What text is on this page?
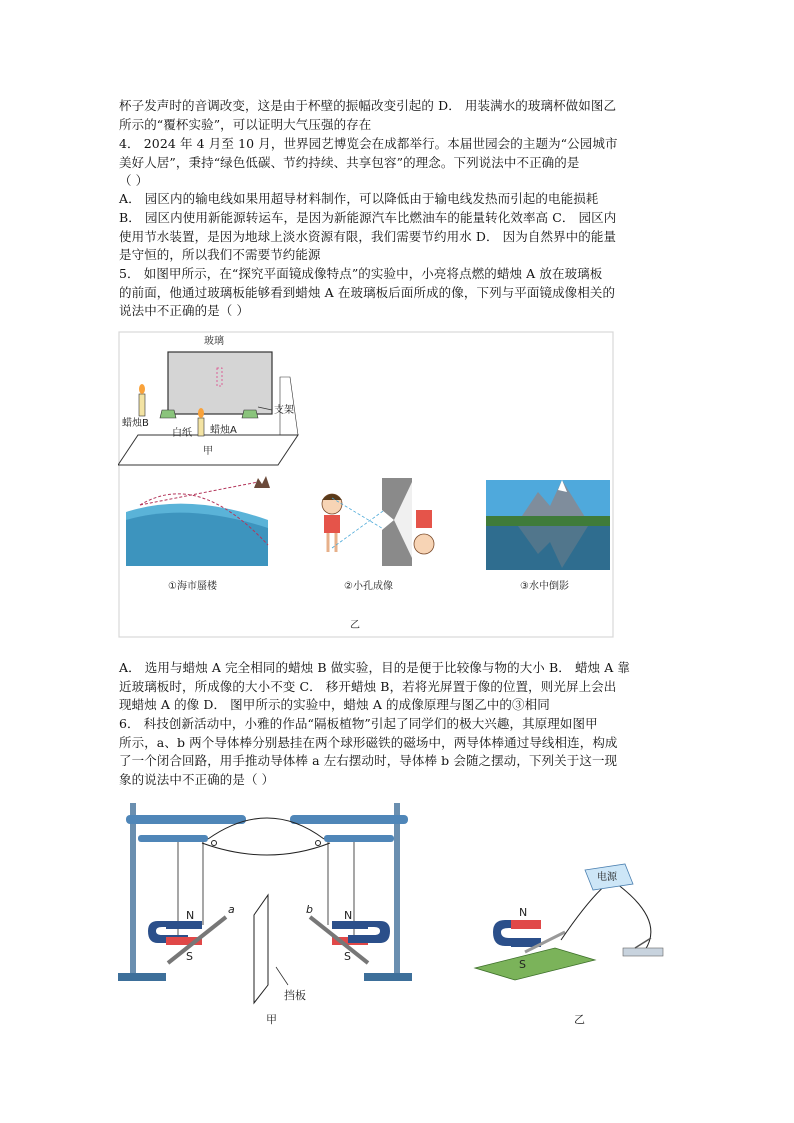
杯子发声时的音调改变，这是由于杯壁的振幅改变引起的 D． 用装满水的玻璃杯做如图乙
所示的“覆杯实验”，可以证明大气压强的存在
4． 2024 年 4 月至 10 月，世界园艺博览会在成都举行。本届世园会的主题为“公园城市
美好人居”，秉持“绿色低碳、节约持续、共享包容”的理念。下列说法中不正确的是
（ ）
A． 园区内的输电线如果用超导材料制作，可以降低由于输电线发热而引起的电能损耗
B． 园区内使用新能源转运车，是因为新能源汽车比燃油车的能量转化效率高 C． 园区内
使用节水装置，是因为地球上淡水资源有限，我们需要节约用水 D． 因为自然界中的能量
是守恒的，所以我们不需要节约能源
5． 如图甲所示，在“探究平面镜成像特点”的实验中，小亮将点燃的蜡烛 A 放在玻璃板
的前面，他通过玻璃板能够看到蜡烛 A 在玻璃板后面所成的像，下列与平面镜成像相关的
说法中不正确的是（ ）
玻璃
支架
蜡烛B
蜡烛A
白纸
甲
①海市蜃楼	②小孔成像	③水中倒影
乙
A． 选用与蜡烛 A 完全相同的蜡烛 B 做实验，目的是便于比较像与物的大小 B． 蜡烛 A 靠
近玻璃板时，所成像的大小不变 C． 移开蜡烛 B，若将光屏置于像的位置，则光屏上会出
现蜡烛 A 的像 D． 图甲所示的实验中，蜡烛 A 的成像原理与图乙中的③相同
6． 科技创新活动中，小雅的作品“隔板植物”引起了同学们的极大兴趣，其原理如图甲
所示，a、b 两个导体棒分别悬挂在两个球形磁铁的磁场中，两导体棒通过导线相连，构成
了一个闭合回路，用手推动导体棒 a 左右摆动时，导体棒 b 会随之摆动，下列关于这一现
象的说法中不正确的是（ ）
N
S
a	b	N
S
挡板
甲
N
S
电源
乙
